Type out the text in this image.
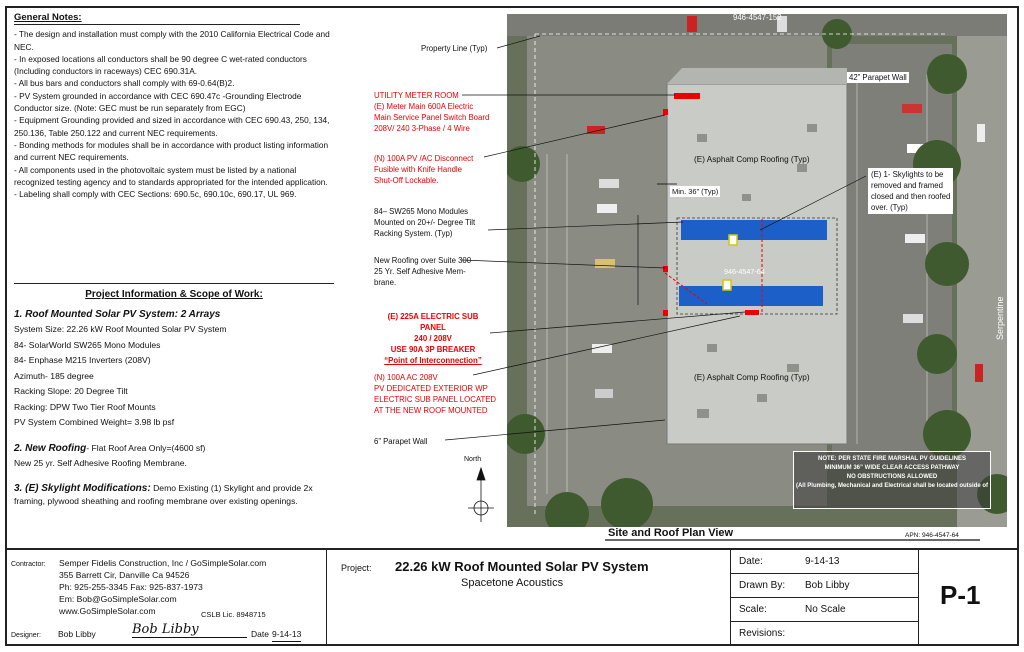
General Notes:
- The design and installation must comply with the 2010 California Electrical Code and NEC.
- In exposed locations all conductors shall be 90 degree C wet-rated conductors (Including conductors in raceways) CEC 690.31A.
- All bus bars and conductors shall comply with 69-0.64(B)2.
- PV System grounded in accordance with CEC 690.47c -Grounding Electrode Conductor size. (Note: GEC must be run separately from EGC)
- Equipment Grounding provided and sized in accordance with CEC 690.43, 250, 134, 250.136, Table 250.122 and current NEC requirements.
- Bonding methods for modules shall be in accordance with product listing information and current NEC requirements.
- All components used in the photovoltaic system must be listed by a national recognized testing agency and to standards appropriated for the intended application.
- Labeling shall comply with CEC Sections: 690.5c, 690.10c, 690.17, UL 969.
Project Information & Scope of Work:
1. Roof Mounted Solar PV System: 2 Arrays
System Size: 22.26 kW Roof Mounted Solar PV System
84- SolarWorld SW265 Mono Modules
84- Enphase M215 Inverters (208V)
Azimuth- 185 degree
Racking Slope: 20 Degree Tilt
Racking: DPW Two Tier Roof Mounts
PV System Combined Weight= 3.98 lb psf
2. New Roofing- Flat Roof Area Only=(4600 sf)
New 25 yr. Self Adhesive Roofing Membrane.
3. (E) Skylight Modifications: Demo Existing (1) Skylight and provide 2x framing, plywood sheathing and roofing membrane over existing openings.
946-4547-152
(E) Asphalt Comp Roofing (Typ)
(E) Asphalt Comp Roofing (Typ)
946-4547-64
Min. 36” (Typ)
42” Parapet Wall
Serpentine Lane
(E) 1- Skylights to be
removed and framed
closed and then roofed
over. (Typ)
NOTE: PER STATE FIRE MARSHAL PV GUIDELINES
MINIMUM 36” WIDE CLEAR ACCESS PATHWAY
NO OBSTRUCTIONS ALLOWED
(All Plumbing, Mechanical and Electrical shall be located outside of
Property Line (Typ)
UTILITY METER ROOM
(E) Meter Main 600A Electric
Main Service Panel Switch Board
208V/ 240 3-Phase / 4 Wire
(N) 100A PV /AC Disconnect
Fusible with Knife Handle
Shut-Off Lockable.
84– SW265 Mono Modules
Mounted on 20+/- Degree Tilt
Racking System. (Typ)
New Roofing over Suite 300
25 Yr. Self Adhesive Mem-
brane.
(E) 225A ELECTRIC SUB PANEL
240 / 208V
USE 90A 3P BREAKER
“Point of Interconnection”
(N) 100A AC 208V
PV DEDICATED EXTERIOR WP
ELECTRIC SUB PANEL LOCATED
AT THE NEW ROOF MOUNTED
6” Parapet Wall
North
Site and Roof Plan View	APN: 946-4547-64
Contractor: Semper Fidelis Construction, Inc / GoSimpleSolar.com
355 Barrett Cir, Danville Ca 94526
Ph: 925-255-3345 Fax: 925-837-1973
Em: Bob@GoSimpleSolar.com
www.GoSimpleSolar.com	CSLB Lic. 8948715
Designer: Bob Libby	Bob Libby	Date 9-14-13
Project: 22.26 kW Roof Mounted Solar PV System
Spacetone Acoustics
Date:	9-14-13
Drawn By: Bob Libby
Scale:	No Scale
Revisions:
P-1
